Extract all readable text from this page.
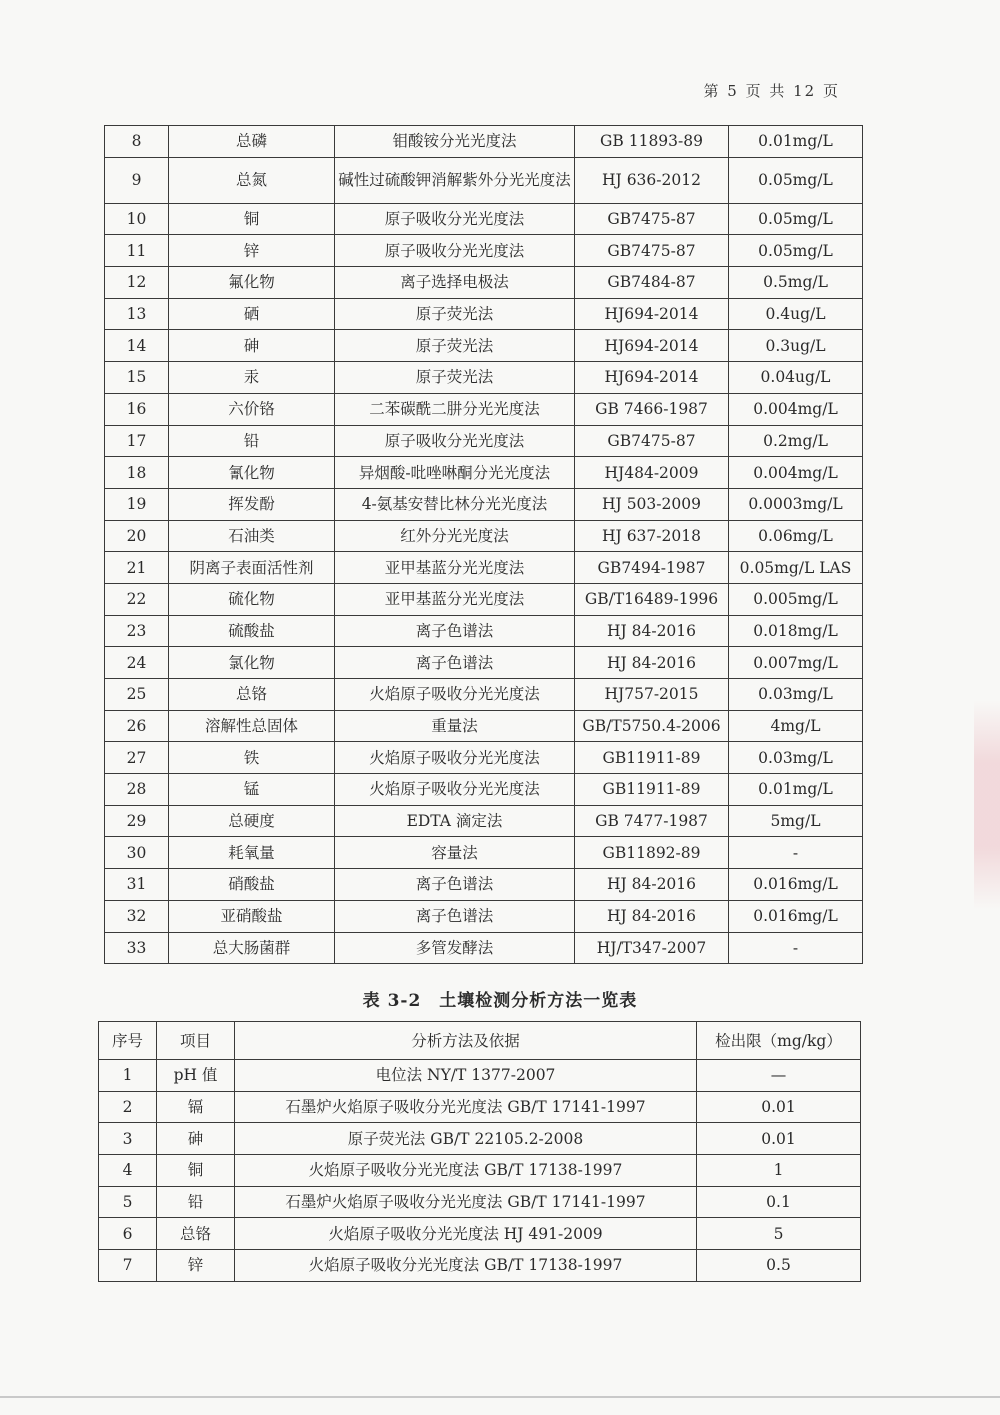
第 5 页 共 12 页
8	总磷	钼酸铵分光光度法	GB 11893-89	0.01mg/L
9	总氮	碱性过硫酸钾消解紫外分光光度法	HJ 636-2012	0.05mg/L
10	铜	原子吸收分光光度法	GB7475-87	0.05mg/L
11	锌	原子吸收分光光度法	GB7475-87	0.05mg/L
12	氟化物	离子选择电极法	GB7484-87	0.5mg/L
13	硒	原子荧光法	HJ694-2014	0.4ug/L
14	砷	原子荧光法	HJ694-2014	0.3ug/L
15	汞	原子荧光法	HJ694-2014	0.04ug/L
16	六价铬	二苯碳酰二肼分光光度法	GB 7466-1987	0.004mg/L
17	铅	原子吸收分光光度法	GB7475-87	0.2mg/L
18	氰化物	异烟酸-吡唑啉酮分光光度法	HJ484-2009	0.004mg/L
19	挥发酚	4-氨基安替比林分光光度法	HJ 503-2009	0.0003mg/L
20	石油类	红外分光光度法	HJ 637-2018	0.06mg/L
21	阴离子表面活性剂	亚甲基蓝分光光度法	GB7494-1987	0.05mg/L LAS
22	硫化物	亚甲基蓝分光光度法	GB/T16489-1996	0.005mg/L
23	硫酸盐	离子色谱法	HJ 84-2016	0.018mg/L
24	氯化物	离子色谱法	HJ 84-2016	0.007mg/L
25	总铬	火焰原子吸收分光光度法	HJ757-2015	0.03mg/L
26	溶解性总固体	重量法	GB/T5750.4-2006	4mg/L
27	铁	火焰原子吸收分光光度法	GB11911-89	0.03mg/L
28	锰	火焰原子吸收分光光度法	GB11911-89	0.01mg/L
29	总硬度	EDTA 滴定法	GB 7477-1987	5mg/L
30	耗氧量	容量法	GB11892-89	-
31	硝酸盐	离子色谱法	HJ 84-2016	0.016mg/L
32	亚硝酸盐	离子色谱法	HJ 84-2016	0.016mg/L
33	总大肠菌群	多管发酵法	HJ/T347-2007	-
表 3-2　土壤检测分析方法一览表
序号	项目	分析方法及依据	检出限（mg/kg）
1	pH 值	电位法 NY/T 1377-2007	—
2	镉	石墨炉火焰原子吸收分光光度法 GB/T 17141-1997	0.01
3	砷	原子荧光法 GB/T 22105.2-2008	0.01
4	铜	火焰原子吸收分光光度法 GB/T 17138-1997	1
5	铅	石墨炉火焰原子吸收分光光度法 GB/T 17141-1997	0.1
6	总铬	火焰原子吸收分光光度法 HJ 491-2009	5
7	锌	火焰原子吸收分光光度法 GB/T 17138-1997	0.5
